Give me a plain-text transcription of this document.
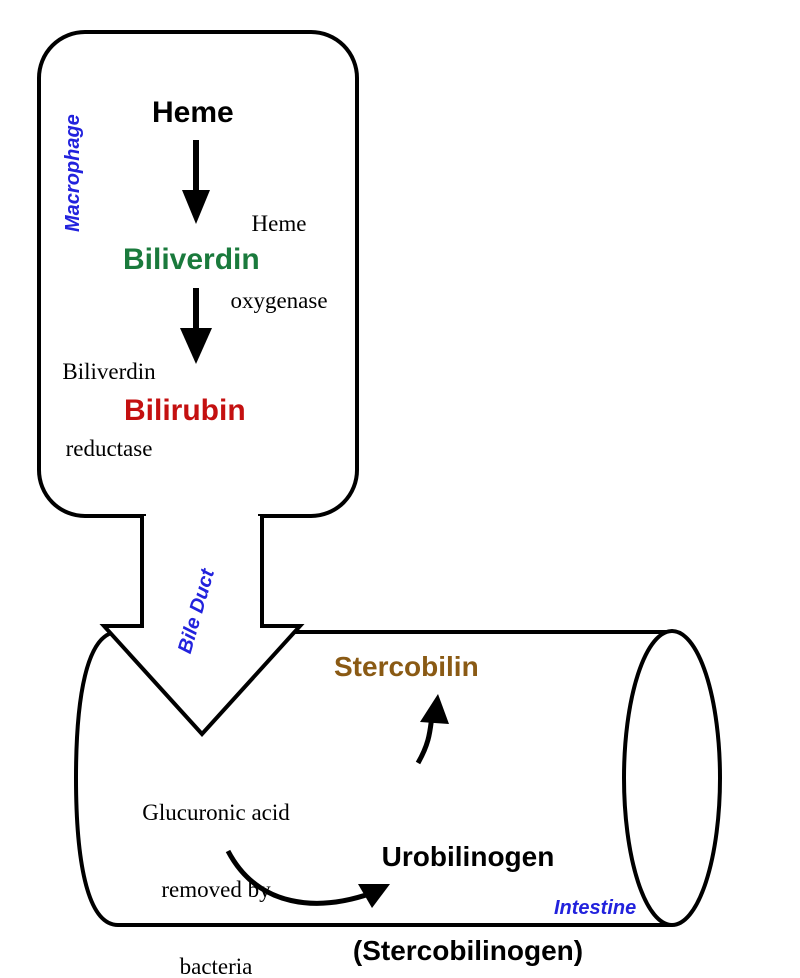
Macrophage
Bile Duct
Intestine
Heme
Biliverdin
Bilirubin
Stercobilin

Urobilinogen

(Stercobilinogen)

Heme

oxygenase

Biliverdin

reductase

Glucuronic acid

removed by

bacteria
